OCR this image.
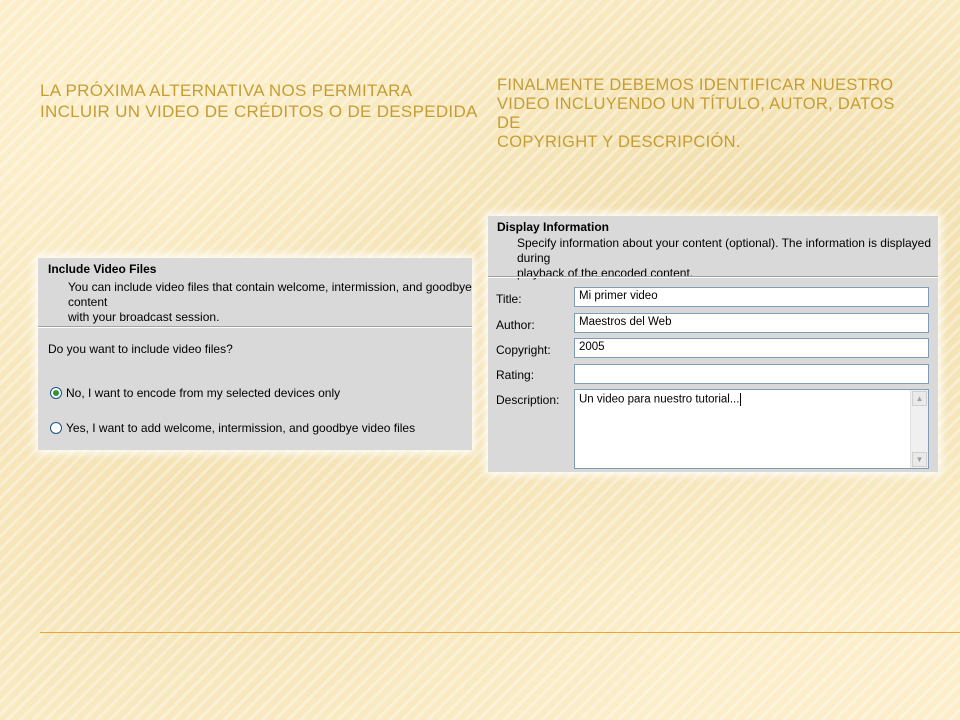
LA PRÓXIMA ALTERNATIVA NOS PERMITARA
INCLUIR UN VIDEO DE CRÉDITOS O DE DESPEDIDA
FINALMENTE DEBEMOS IDENTIFICAR NUESTRO
VIDEO INCLUYENDO UN TÍTULO, AUTOR, DATOS DE
COPYRIGHT Y DESCRIPCIÓN.
Include Video Files
You can include video files that contain welcome, intermission, and goodbye content
with your broadcast session.
Do you want to include video files?
No, I want to encode from my selected devices only
Yes, I want to add welcome, intermission, and goodbye video files
Display Information
Specify information about your content (optional). The information is displayed during
playback of the encoded content.
Title:	Mi primer video
Author:	Maestros del Web
Copyright:	2005
Rating:
Description:	Un video para nuestro tutorial...	▲
▼
